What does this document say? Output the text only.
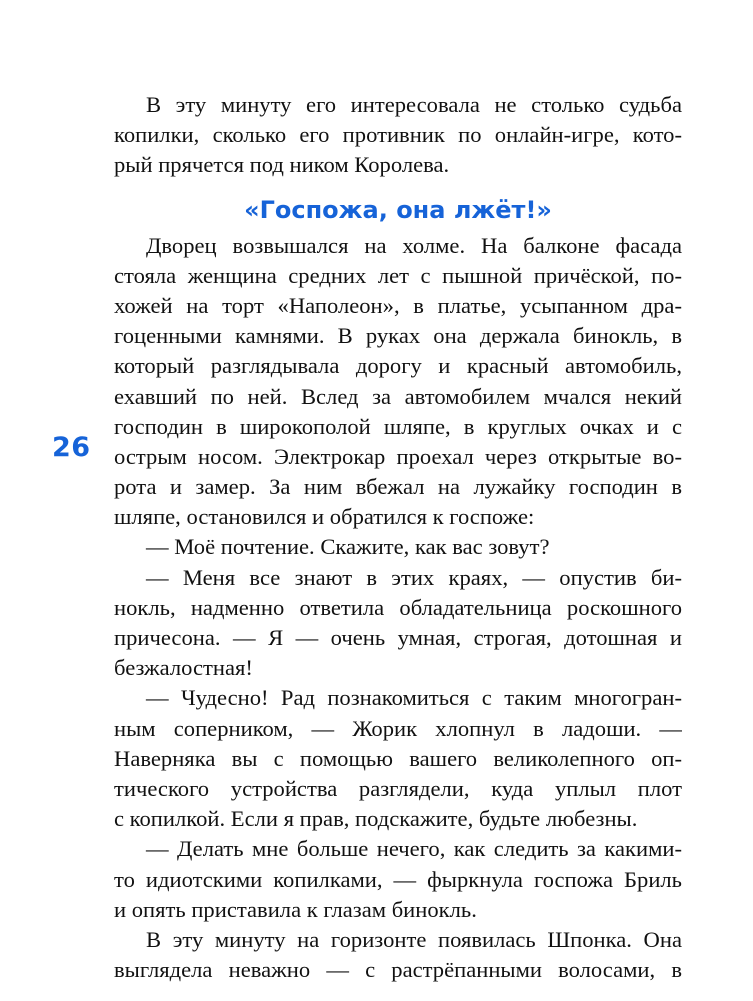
26
В эту минуту его интересовала не столько судьба
копилки, сколько его противник по онлайн-игре, кото-
рый прячется под ником Королева.
«Госпожа, она лжёт!»
Дворец возвышался на холме. На балконе фасада
стояла женщина средних лет с пышной причёской, по-
хожей на торт «Наполеон», в платье, усыпанном дра-
гоценными камнями. В руках она держала бинокль, в
который разглядывала дорогу и красный автомобиль,
ехавший по ней. Вслед за автомобилем мчался некий
господин в широкополой шляпе, в круглых очках и с
острым носом. Электрокар проехал через открытые во-
рота и замер. За ним вбежал на лужайку господин в
шляпе, остановился и обратился к госпоже:
— Моё почтение. Скажите, как вас зовут?
— Меня все знают в этих краях, — опустив би-
нокль, надменно ответила обладательница роскошного
причесона. — Я — очень умная, строгая, дотошная и
безжалостная!
— Чудесно! Рад познакомиться с таким многогран-
ным соперником, — Жорик хлопнул в ладоши. —
Наверняка вы с помощью вашего великолепного оп-
тического устройства разглядели, куда уплыл плот
с копилкой. Если я прав, подскажите, будьте любезны.
— Делать мне больше нечего, как следить за какими-
то идиотскими копилками, — фыркнула госпожа Бриль
и опять приставила к глазам бинокль.
В эту минуту на горизонте появилась Шпонка. Она
выглядела неважно — с растрёпанными волосами, в
